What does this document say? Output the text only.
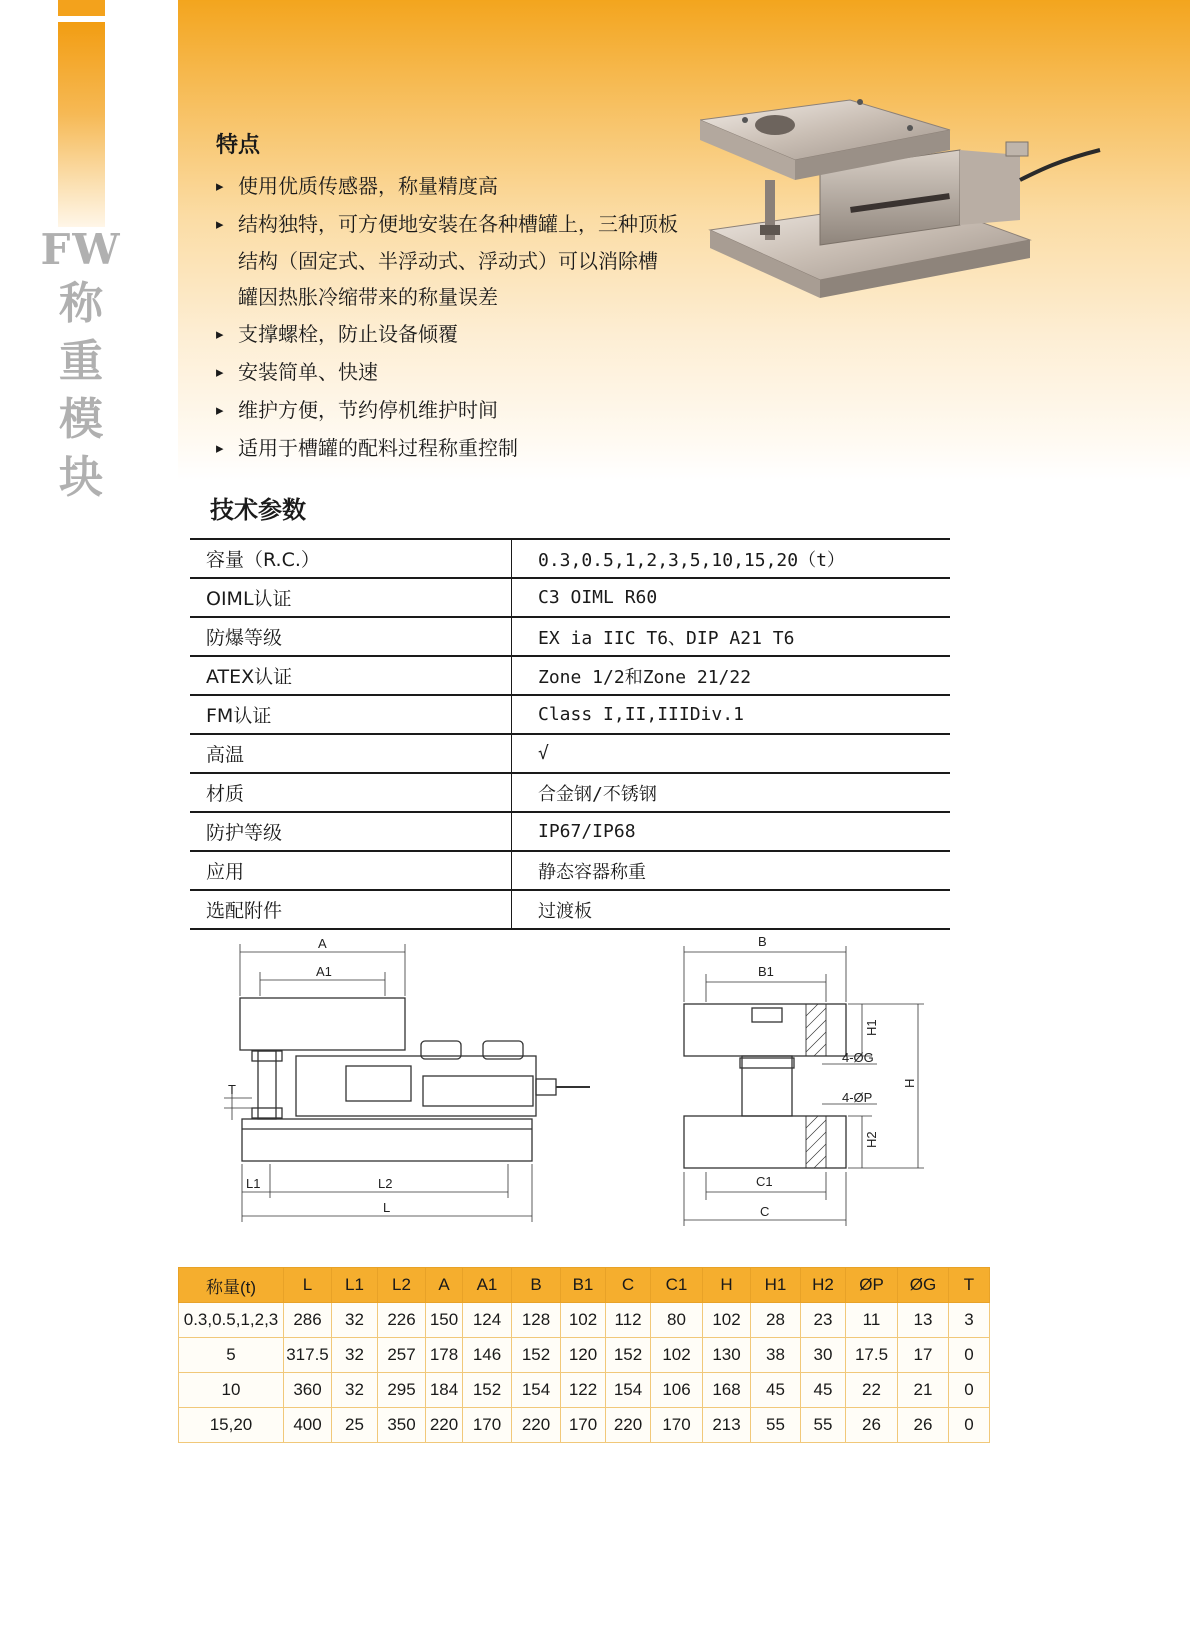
FW
称
重
模
块
特点
▸ 使用优质传感器，称量精度高
▸ 结构独特，可方便地安装在各种槽罐上，三种顶板
结构（固定式、半浮动式、浮动式）可以消除槽
罐因热胀冷缩带来的称量误差
▸ 支撑螺栓，防止设备倾覆
▸ 安装简单、快速
▸ 维护方便，节约停机维护时间
▸ 适用于槽罐的配料过程称重控制
技术参数
容量（R.C.）	0.3,0.5,1,2,3,5,10,15,20（t）
OIML认证	C3 OIML R60
防爆等级	EX ia IIC T6、DIP A21 T6
ATEX认证	Zone 1/2和Zone 21/22
FM认证	Class I,II,IIIDiv.1
高温	√
材质	合金钢/不锈钢
防护等级	IP67/IP68
应用	静态容器称重
选配附件	过渡板
A
A1
T
L1	L2
L
B
B1
H1
4-ØG
4-ØP
H
H2
C1
C
称量(t)	L	L1	L2	A	A1	B	B1	C	C1	H	H1	H2	ØP	ØG	T
0.3,0.5,1,2,3	286	32	226	150	124	128	102	112	80	102	28	23	11	13	3
5	317.5	32	257	178	146	152	120	152	102	130	38	30	17.5	17	0
10	360	32	295	184	152	154	122	154	106	168	45	45	22	21	0
15,20	400	25	350	220	170	220	170	220	170	213	55	55	26	26	0
